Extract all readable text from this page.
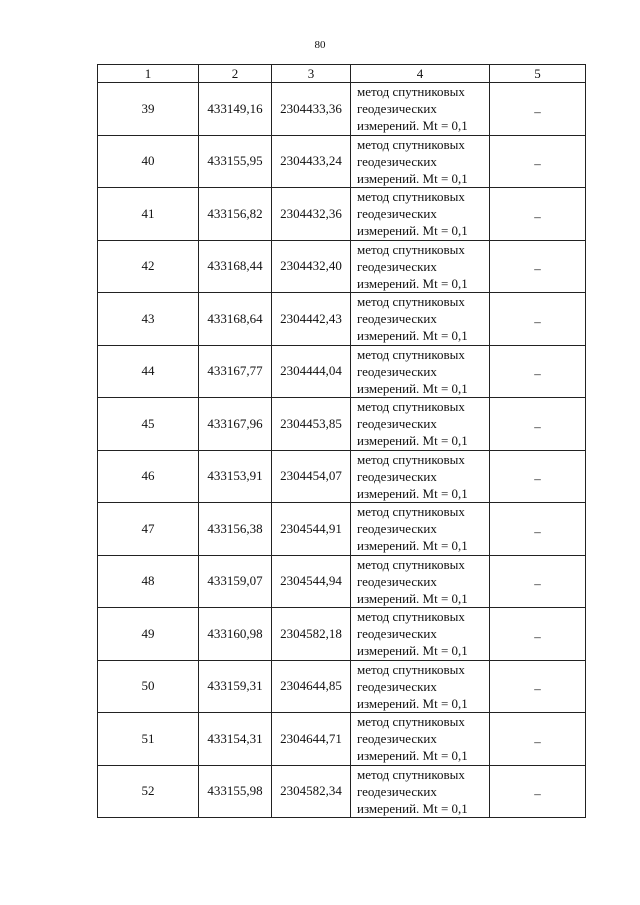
80
1	2	3	4	5
39	433149,16	2304433,36	метод спутниковых
геодезических
измерений. Mt = 0,1	–
40	433155,95	2304433,24	метод спутниковых
геодезических
измерений. Mt = 0,1	–
41	433156,82	2304432,36	метод спутниковых
геодезических
измерений. Mt = 0,1	–
42	433168,44	2304432,40	метод спутниковых
геодезических
измерений. Mt = 0,1	–
43	433168,64	2304442,43	метод спутниковых
геодезических
измерений. Mt = 0,1	–
44	433167,77	2304444,04	метод спутниковых
геодезических
измерений. Mt = 0,1	–
45	433167,96	2304453,85	метод спутниковых
геодезических
измерений. Mt = 0,1	–
46	433153,91	2304454,07	метод спутниковых
геодезических
измерений. Mt = 0,1	–
47	433156,38	2304544,91	метод спутниковых
геодезических
измерений. Mt = 0,1	–
48	433159,07	2304544,94	метод спутниковых
геодезических
измерений. Mt = 0,1	–
49	433160,98	2304582,18	метод спутниковых
геодезических
измерений. Mt = 0,1	–
50	433159,31	2304644,85	метод спутниковых
геодезических
измерений. Mt = 0,1	–
51	433154,31	2304644,71	метод спутниковых
геодезических
измерений. Mt = 0,1	–
52	433155,98	2304582,34	метод спутниковых
геодезических
измерений. Mt = 0,1	–
